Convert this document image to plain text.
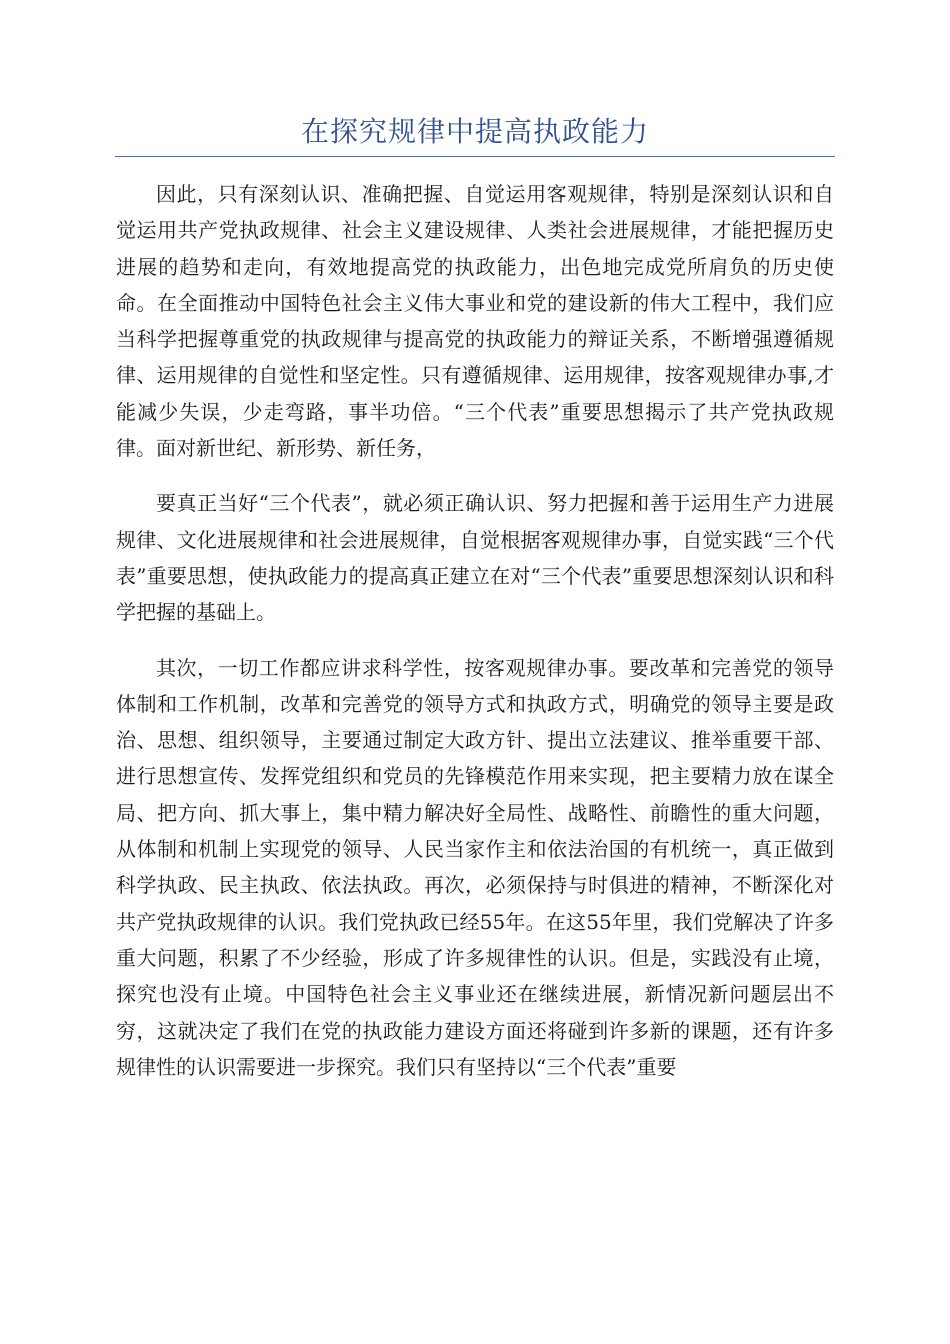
在探究规律中提高执政能力

因此，只有深刻认识、准确把握、自觉运用客观规律，特别是深刻认识和自觉运用共产党执政规律、社会主义建设规律、人类社会进展规律，才能把握历史进展的趋势和走向，有效地提高党的执政能力，出色地完成党所肩负的历史使命。在全面推动中国特色社会主义伟大事业和党的建设新的伟大工程中，我们应当科学把握尊重党的执政规律与提高党的执政能力的辩证关系，不断增强遵循规律、运用规律的自觉性和坚定性。只有遵循规律、运用规律，按客观规律办事,才能减少失误，少走弯路，事半功倍。“三个代表”重要思想揭示了共产党执政规律。面对新世纪、新形势、新任务，

要真正当好“三个代表”，就必须正确认识、努力把握和善于运用生产力进展规律、文化进展规律和社会进展规律，自觉根据客观规律办事，自觉实践“三个代表”重要思想，使执政能力的提高真正建立在对“三个代表”重要思想深刻认识和科学把握的基础上。

其次，一切工作都应讲求科学性，按客观规律办事。要改革和完善党的领导体制和工作机制，改革和完善党的领导方式和执政方式，明确党的领导主要是政治、思想、组织领导，主要通过制定大政方针、提出立法建议、推举重要干部、进行思想宣传、发挥党组织和党员的先锋模范作用来实现，把主要精力放在谋全局、把方向、抓大事上，集中精力解决好全局性、战略性、前瞻性的重大问题，从体制和机制上实现党的领导、人民当家作主和依法治国的有机统一，真正做到科学执政、民主执政、依法执政。再次，必须保持与时俱进的精神，不断深化对共产党执政规律的认识。我们党执政已经55年。在这55年里，我们党解决了许多重大问题，积累了不少经验，形成了许多规律性的认识。但是，实践没有止境，探究也没有止境。中国特色社会主义事业还在继续进展，新情况新问题层出不穷，这就决定了我们在党的执政能力建设方面还将碰到许多新的课题，还有许多规律性的认识需要进一步探究。我们只有坚持以“三个代表”重要
